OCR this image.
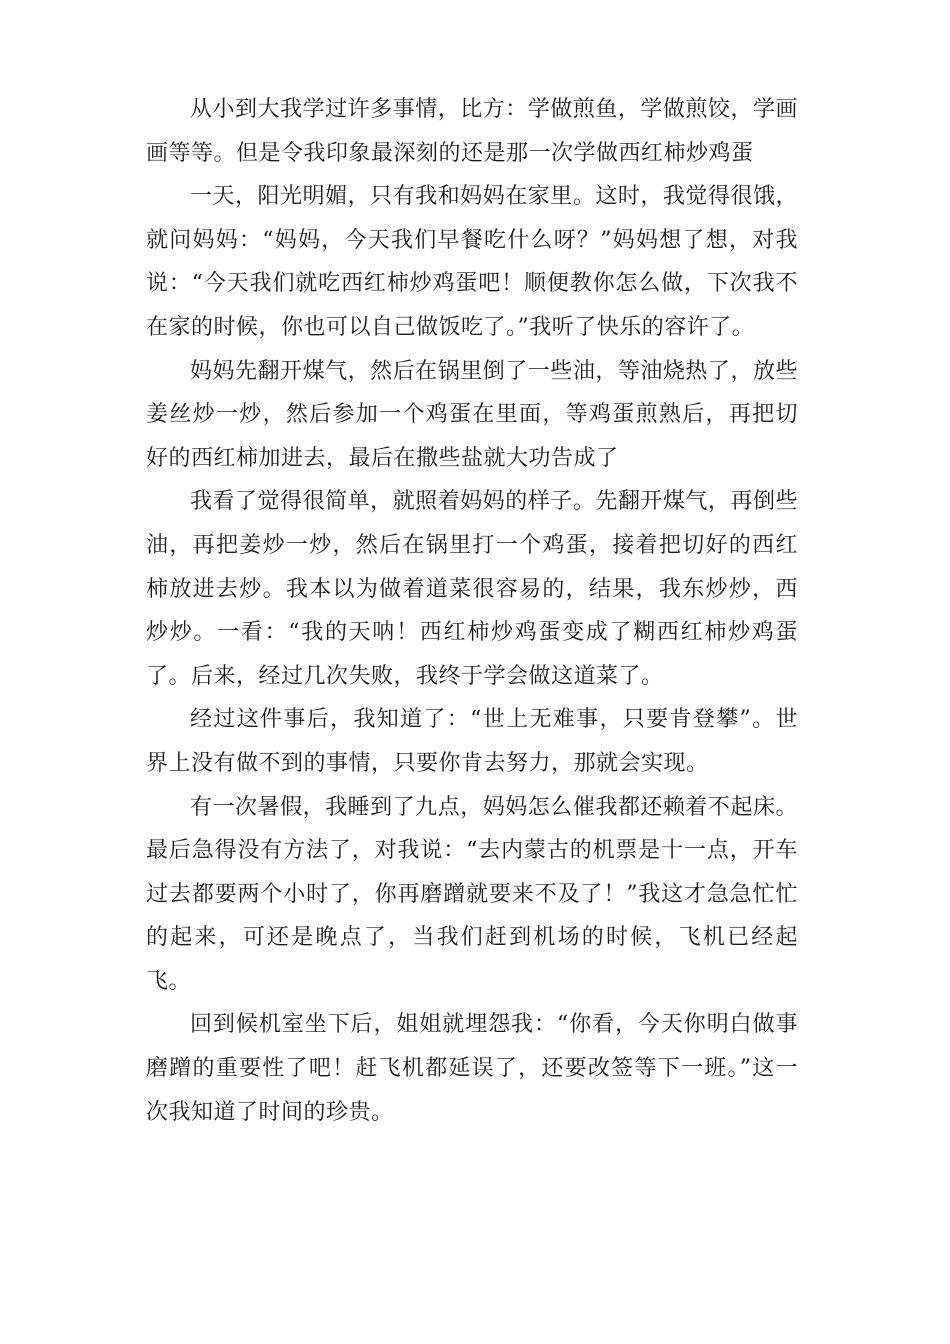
从小到大我学过许多事情，比方：学做煎鱼，学做煎饺，学画画等等。但是令我印象最深刻的还是那一次学做西红柿炒鸡蛋

一天，阳光明媚，只有我和妈妈在家里。这时，我觉得很饿，就问妈妈：“妈妈，今天我们早餐吃什么呀？”妈妈想了想，对我说：“今天我们就吃西红柿炒鸡蛋吧！顺便教你怎么做，下次我不在家的时候，你也可以自己做饭吃了。”我听了快乐的容许了。

妈妈先翻开煤气，然后在锅里倒了一些油，等油烧热了，放些姜丝炒一炒，然后参加一个鸡蛋在里面，等鸡蛋煎熟后，再把切好的西红柿加进去，最后在撒些盐就大功告成了

我看了觉得很简单，就照着妈妈的样子。先翻开煤气，再倒些油，再把姜炒一炒，然后在锅里打一个鸡蛋，接着把切好的西红柿放进去炒。我本以为做着道菜很容易的，结果，我东炒炒，西炒炒。一看：“我的天呐！西红柿炒鸡蛋变成了糊西红柿炒鸡蛋了。后来，经过几次失败，我终于学会做这道菜了。

经过这件事后，我知道了：“世上无难事，只要肯登攀”。世界上没有做不到的事情，只要你肯去努力，那就会实现。

有一次暑假，我睡到了九点，妈妈怎么催我都还赖着不起床。最后急得没有方法了，对我说：“去内蒙古的机票是十一点，开车过去都要两个小时了，你再磨蹭就要来不及了！”我这才急急忙忙的起来，可还是晚点了，当我们赶到机场的时候，飞机已经起飞。

回到候机室坐下后，姐姐就埋怨我：“你看，今天你明白做事磨蹭的重要性了吧！赶飞机都延误了，还要改签等下一班。”这一次我知道了时间的珍贵。
